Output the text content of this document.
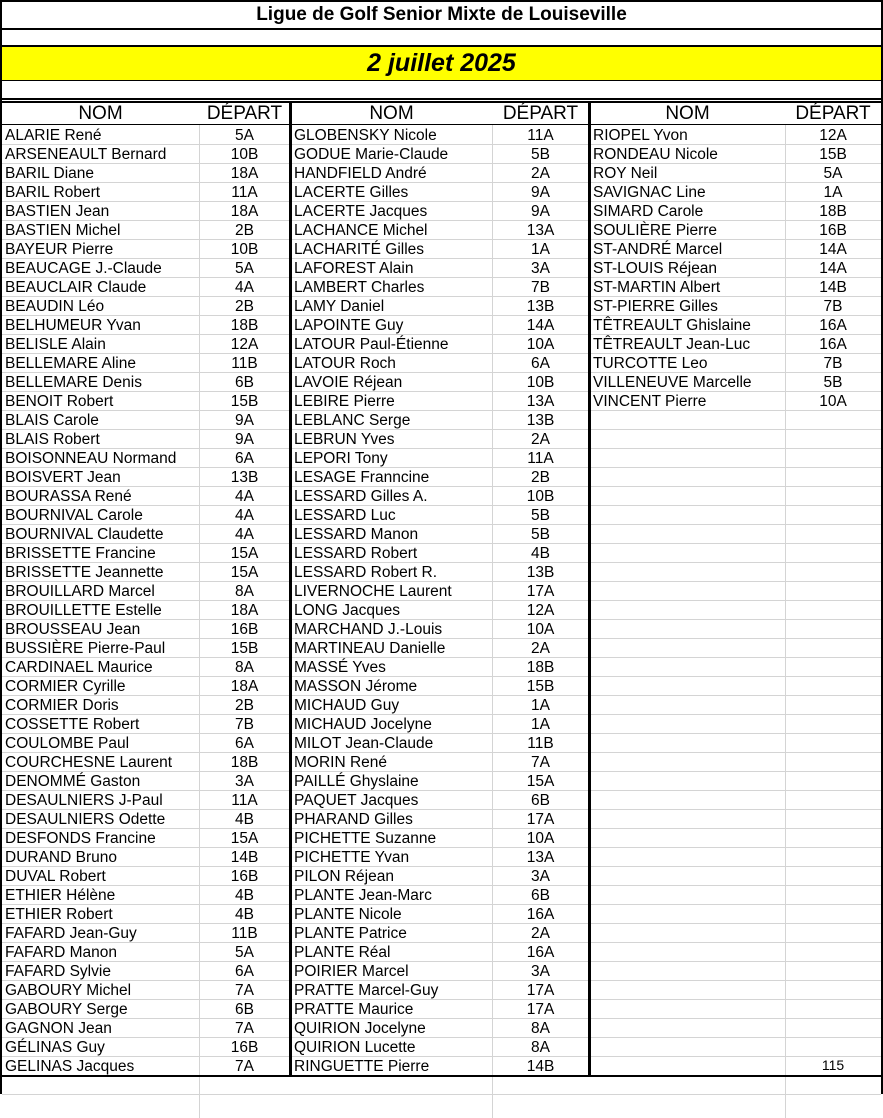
Ligue de Golf Senior Mixte de Louiseville
2 juillet 2025
NOM	DÉPART
ALARIE René	5A
ARSENEAULT Bernard	10B
BARIL Diane	18A
BARIL Robert	11A
BASTIEN Jean	18A
BASTIEN Michel	2B
BAYEUR Pierre	10B
BEAUCAGE J.-Claude	5A
BEAUCLAIR Claude	4A
BEAUDIN Léo	2B
BELHUMEUR Yvan	18B
BELISLE Alain	12A
BELLEMARE Aline	11B
BELLEMARE Denis	6B
BENOIT Robert	15B
BLAIS Carole	9A
BLAIS Robert	9A
BOISONNEAU Normand	6A
BOISVERT Jean	13B
BOURASSA René	4A
BOURNIVAL Carole	4A
BOURNIVAL Claudette	4A
BRISSETTE Francine	15A
BRISSETTE Jeannette	15A
BROUILLARD Marcel	8A
BROUILLETTE Estelle	18A
BROUSSEAU Jean	16B
BUSSIÈRE Pierre-Paul	15B
CARDINAEL Maurice	8A
CORMIER Cyrille	18A
CORMIER Doris	2B
COSSETTE Robert	7B
COULOMBE Paul	6A
COURCHESNE Laurent	18B
DENOMMÉ Gaston	3A
DESAULNIERS J-Paul	11A
DESAULNIERS Odette	4B
DESFONDS Francine	15A
DURAND Bruno	14B
DUVAL Robert	16B
ETHIER Hélène	4B
ETHIER Robert	4B
FAFARD Jean-Guy	11B
FAFARD Manon	5A
FAFARD Sylvie	6A
GABOURY Michel	7A
GABOURY Serge	6B
GAGNON Jean	7A
GÉLINAS Guy	16B
GELINAS Jacques	7A
NOM	DÉPART
GLOBENSKY Nicole	11A
GODUE Marie-Claude	5B
HANDFIELD André	2A
LACERTE Gilles	9A
LACERTE Jacques	9A
LACHANCE Michel	13A
LACHARITÉ Gilles	1A
LAFOREST Alain	3A
LAMBERT Charles	7B
LAMY Daniel	13B
LAPOINTE Guy	14A
LATOUR Paul-Étienne	10A
LATOUR Roch	6A
LAVOIE Réjean	10B
LEBIRE Pierre	13A
LEBLANC Serge	13B
LEBRUN Yves	2A
LEPORI Tony	11A
LESAGE Franncine	2B
LESSARD Gilles A.	10B
LESSARD Luc	5B
LESSARD Manon	5B
LESSARD Robert	4B
LESSARD Robert R.	13B
LIVERNOCHE Laurent	17A
LONG Jacques	12A
MARCHAND J.-Louis	10A
MARTINEAU Danielle	2A
MASSÉ Yves	18B
MASSON Jérome	15B
MICHAUD Guy	1A
MICHAUD Jocelyne	1A
MILOT Jean-Claude	11B
MORIN René	7A
PAILLÉ Ghyslaine	15A
PAQUET Jacques	6B
PHARAND Gilles	17A
PICHETTE Suzanne	10A
PICHETTE Yvan	13A
PILON Réjean	3A
PLANTE Jean-Marc	6B
PLANTE Nicole	16A
PLANTE Patrice	2A
PLANTE Réal	16A
POIRIER Marcel	3A
PRATTE Marcel-Guy	17A
PRATTE Maurice	17A
QUIRION Jocelyne	8A
QUIRION Lucette	8A
RINGUETTE Pierre	14B
NOM	DÉPART
RIOPEL Yvon	12A
RONDEAU Nicole	15B
ROY Neil	5A
SAVIGNAC Line	1A
SIMARD Carole	18B
SOULIÈRE Pierre	16B
ST-ANDRÉ Marcel	14A
ST-LOUIS Réjean	14A
ST-MARTIN Albert	14B
ST-PIERRE Gilles	7B
TÊTREAULT Ghislaine	16A
TÊTREAULT Jean-Luc	16A
TURCOTTE Leo	7B
VILLENEUVE Marcelle	5B
VINCENT Pierre	10A
115
